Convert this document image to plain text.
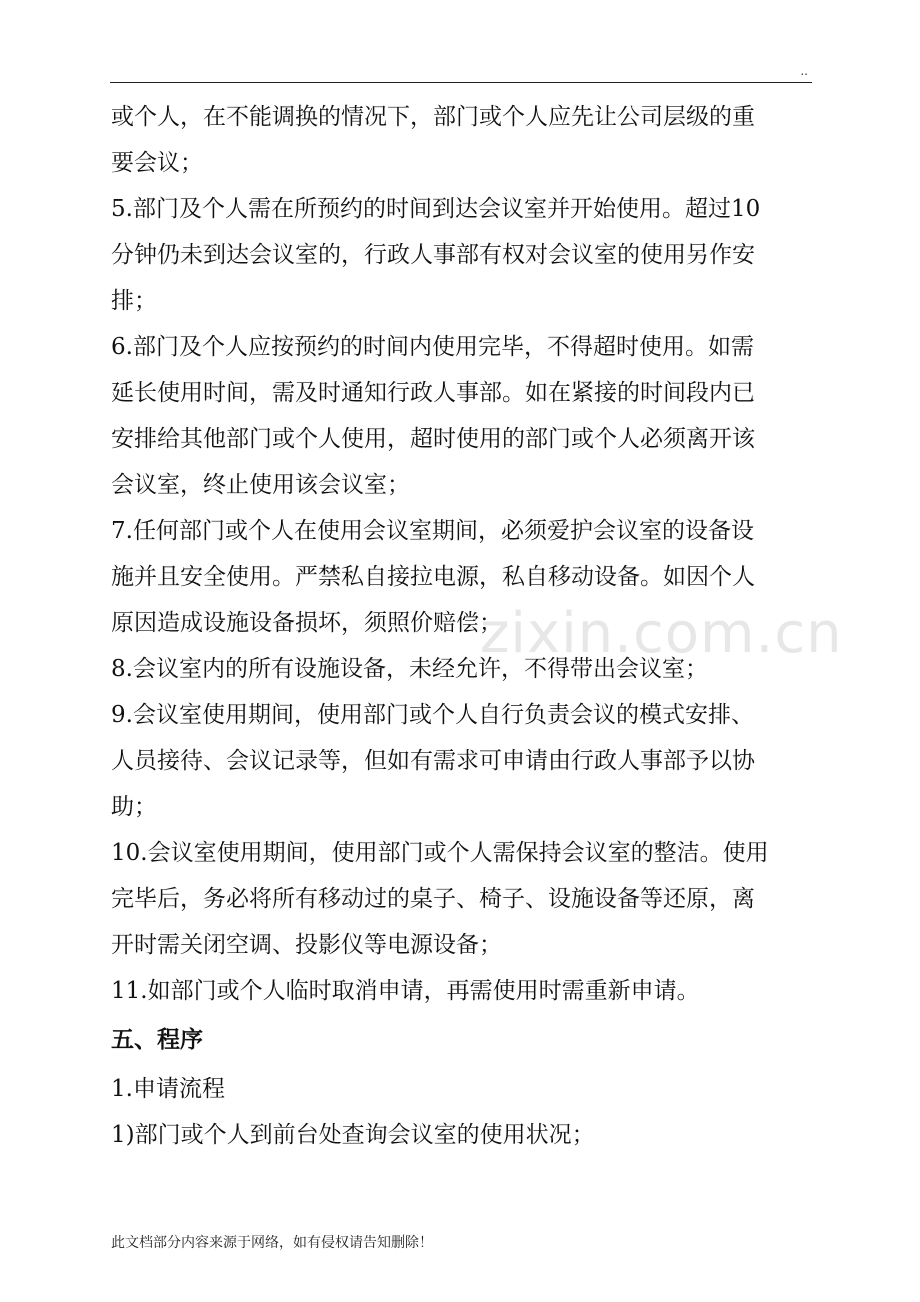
..
或个人，在不能调换的情况下，部门或个人应先让公司层级的重
要会议；
5.部门及个人需在所预约的时间到达会议室并开始使用。超过10
分钟仍未到达会议室的，行政人事部有权对会议室的使用另作安
排；
6.部门及个人应按预约的时间内使用完毕，不得超时使用。如需
延长使用时间，需及时通知行政人事部。如在紧接的时间段内已
安排给其他部门或个人使用，超时使用的部门或个人必须离开该
会议室，终止使用该会议室；
7.任何部门或个人在使用会议室期间，必须爱护会议室的设备设
施并且安全使用。严禁私自接拉电源，私自移动设备。如因个人
原因造成设施设备损坏，须照价赔偿；
8.会议室内的所有设施设备，未经允许，不得带出会议室；
9.会议室使用期间，使用部门或个人自行负责会议的模式安排、
人员接待、会议记录等，但如有需求可申请由行政人事部予以协
助；
10.会议室使用期间，使用部门或个人需保持会议室的整洁。使用
完毕后，务必将所有移动过的桌子、椅子、设施设备等还原，离
开时需关闭空调、投影仪等电源设备；
11.如部门或个人临时取消申请，再需使用时需重新申请。
五、程序
1.申请流程
1)部门或个人到前台处查询会议室的使用状况；
zixin.com.cn
此文档部分内容来源于网络，如有侵权请告知删除！
